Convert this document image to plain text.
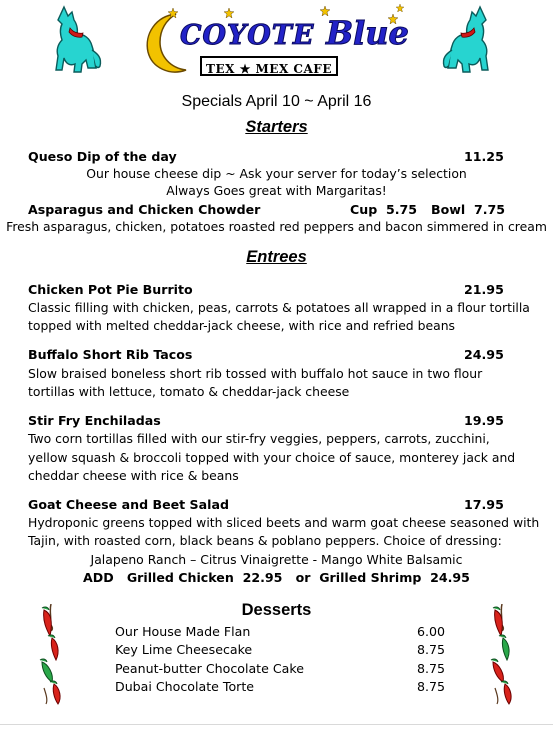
COYOTE Blue
TEX ★ MEX CAFE
Specials April 10 ~ April 16
Starters
Queso Dip of the day	11.25
Our house cheese dip ~ Ask your server for today’s selection
Always Goes great with Margaritas!
Asparagus and Chicken Chowder	Cup  5.75 Bowl  7.75
Fresh asparagus, chicken, potatoes roasted red peppers and bacon simmered in cream
Entrees
Chicken Pot Pie Burrito	21.95
Classic filling with chicken, peas, carrots & potatoes all wrapped in a flour tortilla
topped with melted cheddar-jack cheese, with rice and refried beans
Buffalo Short Rib Tacos	24.95
Slow braised boneless short rib tossed with buffalo hot sauce in two flour
tortillas with lettuce, tomato & cheddar-jack cheese
Stir Fry Enchiladas	19.95
Two corn tortillas filled with our stir-fry veggies, peppers, carrots, zucchini,
yellow squash & broccoli topped with your choice of sauce, monterey jack and
cheddar cheese with rice & beans
Goat Cheese and Beet Salad	17.95
Hydroponic greens topped with sliced beets and warm goat cheese seasoned with
Tajin, with roasted corn, black beans & poblano peppers. Choice of dressing:
Jalapeno Ranch – Citrus Vinaigrette - Mango White Balsamic
ADD   Grilled Chicken  22.95   or  Grilled Shrimp  24.95
Desserts
Our House Made Flan	6.00
Key Lime Cheesecake	8.75
Peanut-butter Chocolate Cake	8.75
Dubai Chocolate Torte	8.75
